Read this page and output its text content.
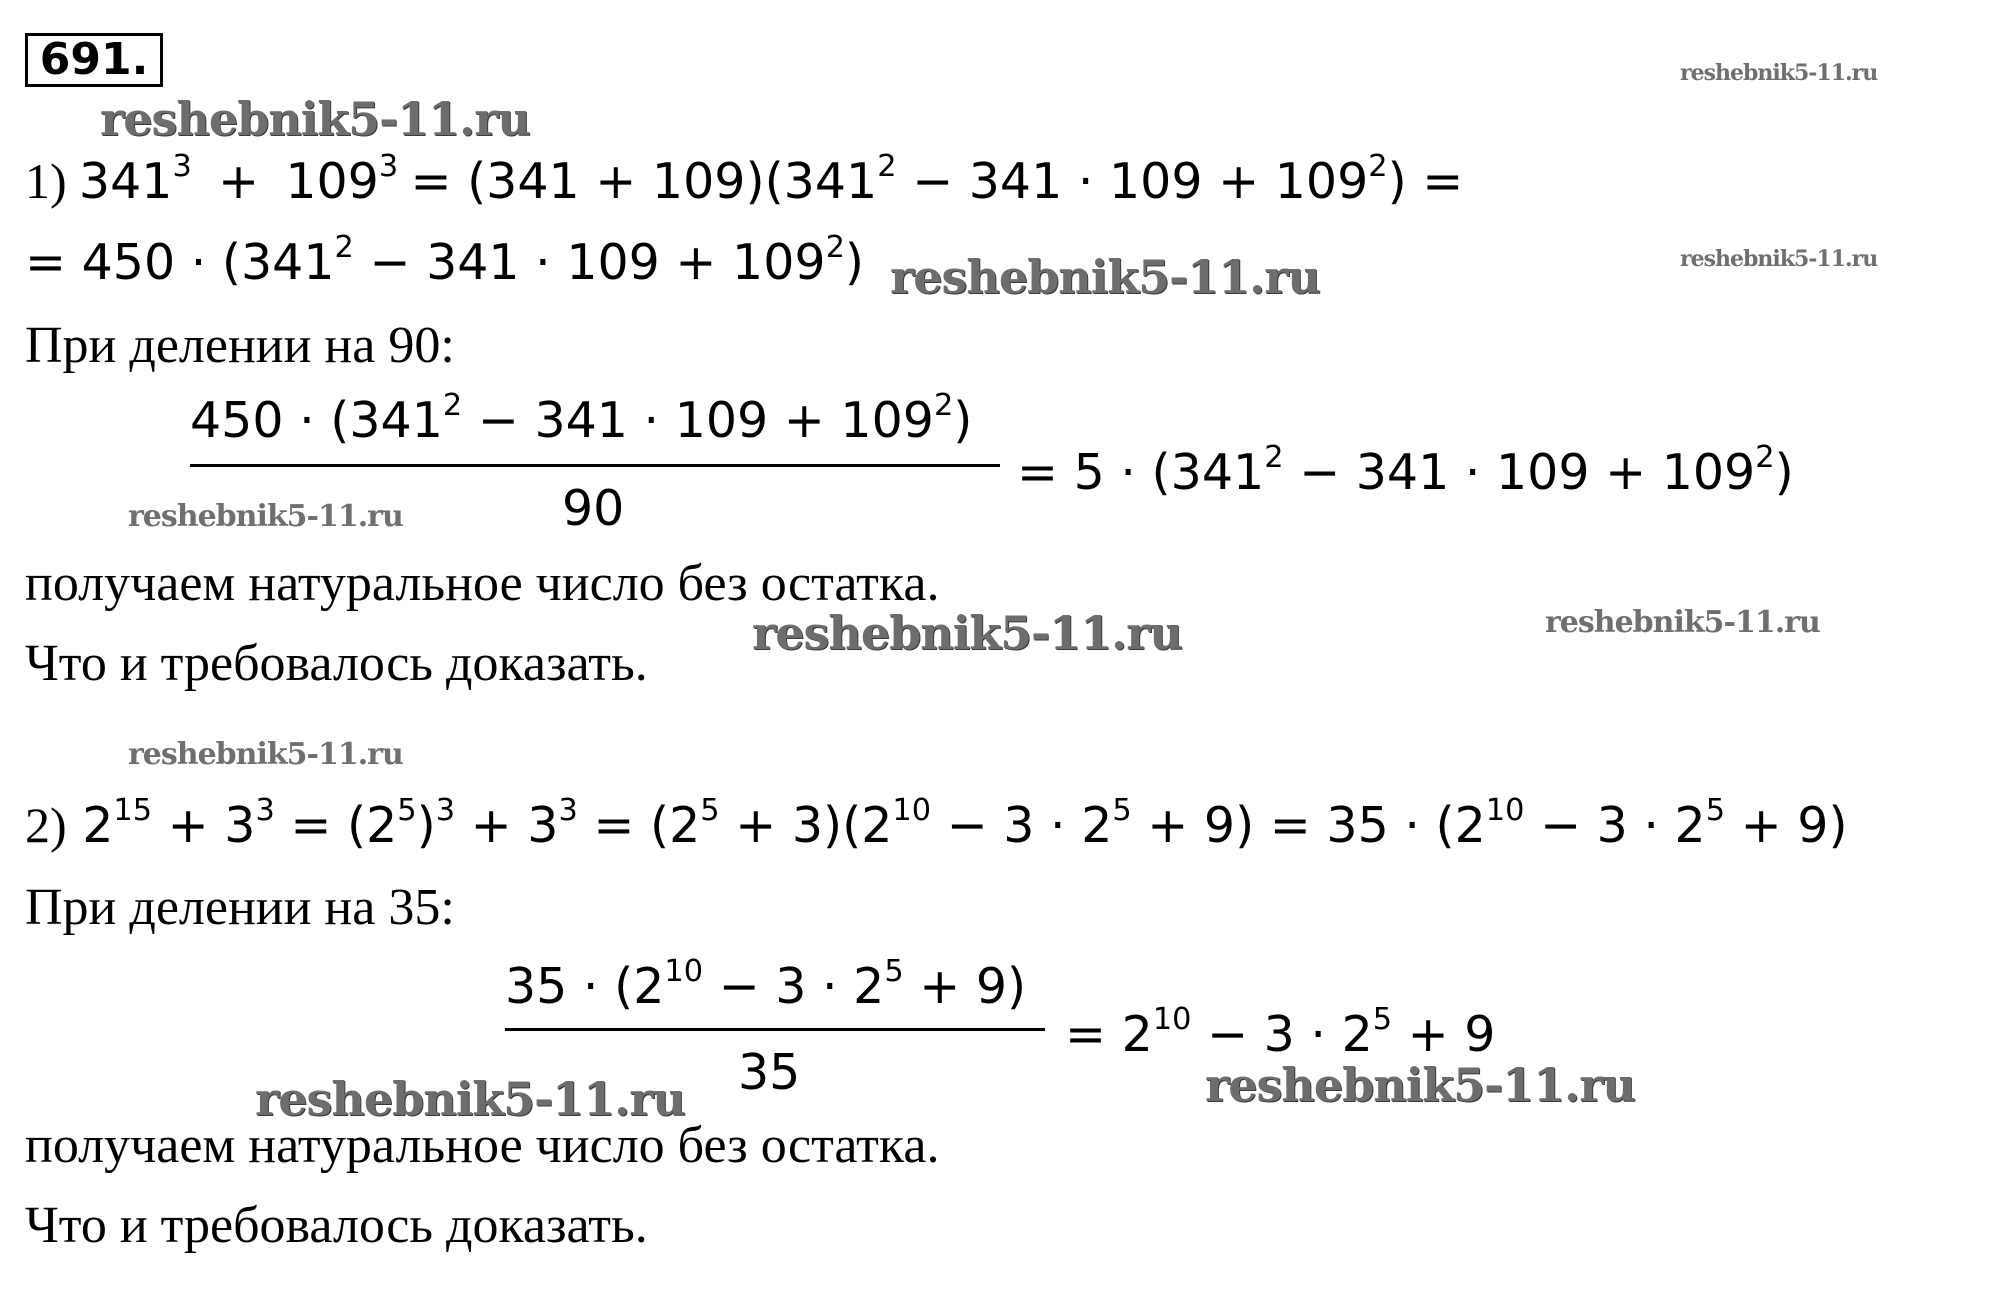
691.
reshebnik5-11.ru
reshebnik5-11.ru
reshebnik5-11.ru	reshebnik5-11.ru
reshebnik5-11.ru
reshebnik5-11.ru	reshebnik5-11.ru
reshebnik5-11.ru
reshebnik5-11.ru	reshebnik5-11.ru
1) $341^3 + 109^3 = (341 + 109)(341^2 - 341 \cdot 109 + 109^2)$ =
= $450 \cdot (341^2 - 341 \cdot 109 + 109^2)$
При делении на 90:
$450 \cdot (341^2 - 341 \cdot 109 + 109^2)$
90
= $5 \cdot (341^2 - 341 \cdot 109 + 109^2)$
получаем натуральное число без остатка.
Что и требовалось доказать.
2) $2^{15} + 3^3 = (2^5)^3 + 3^3 = (2^5 + 3)(2^{10} - 3 \cdot 2^5 + 9) = 35 \cdot (2^{10} - 3 \cdot 2^5 + 9)$
При делении на 35:
$35 \cdot (2^{10} - 3 \cdot 2^5 + 9)$
35
= $2^{10} - 3 \cdot 2^5 + 9$
получаем натуральное число без остатка.
Что и требовалось доказать.
